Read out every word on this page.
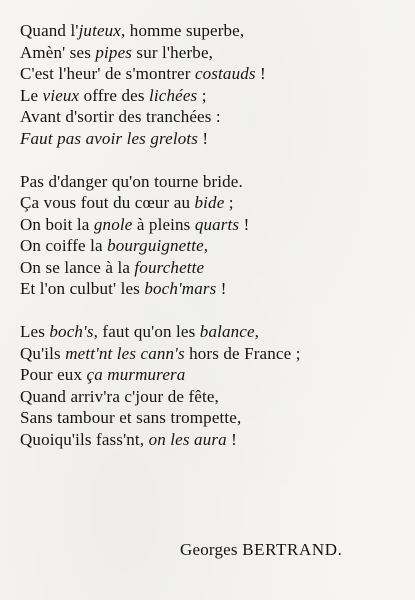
Quand l'juteux, homme superbe,
Amèn' ses pipes sur l'herbe,
C'est l'heur' de s'montrer costauds !
Le vieux offre des lichées ;
Avant d'sortir des tranchées :
Faut pas avoir les grelots !
Pas d'danger qu'on tourne bride.
Ça vous fout du cœur au bide ;
On boit la gnole à pleins quarts !
On coiffe la bourguignette,
On se lance à la fourchette
Et l'on culbut' les boch'mars !
Les boch's, faut qu'on les balance,
Qu'ils mett'nt les cann's hors de France ;
Pour eux ça murmurera
Quand arriv'ra c'jour de fête,
Sans tambour et sans trompette,
Quoiqu'ils fass'nt, on les aura !
Georges BERTRAND.
